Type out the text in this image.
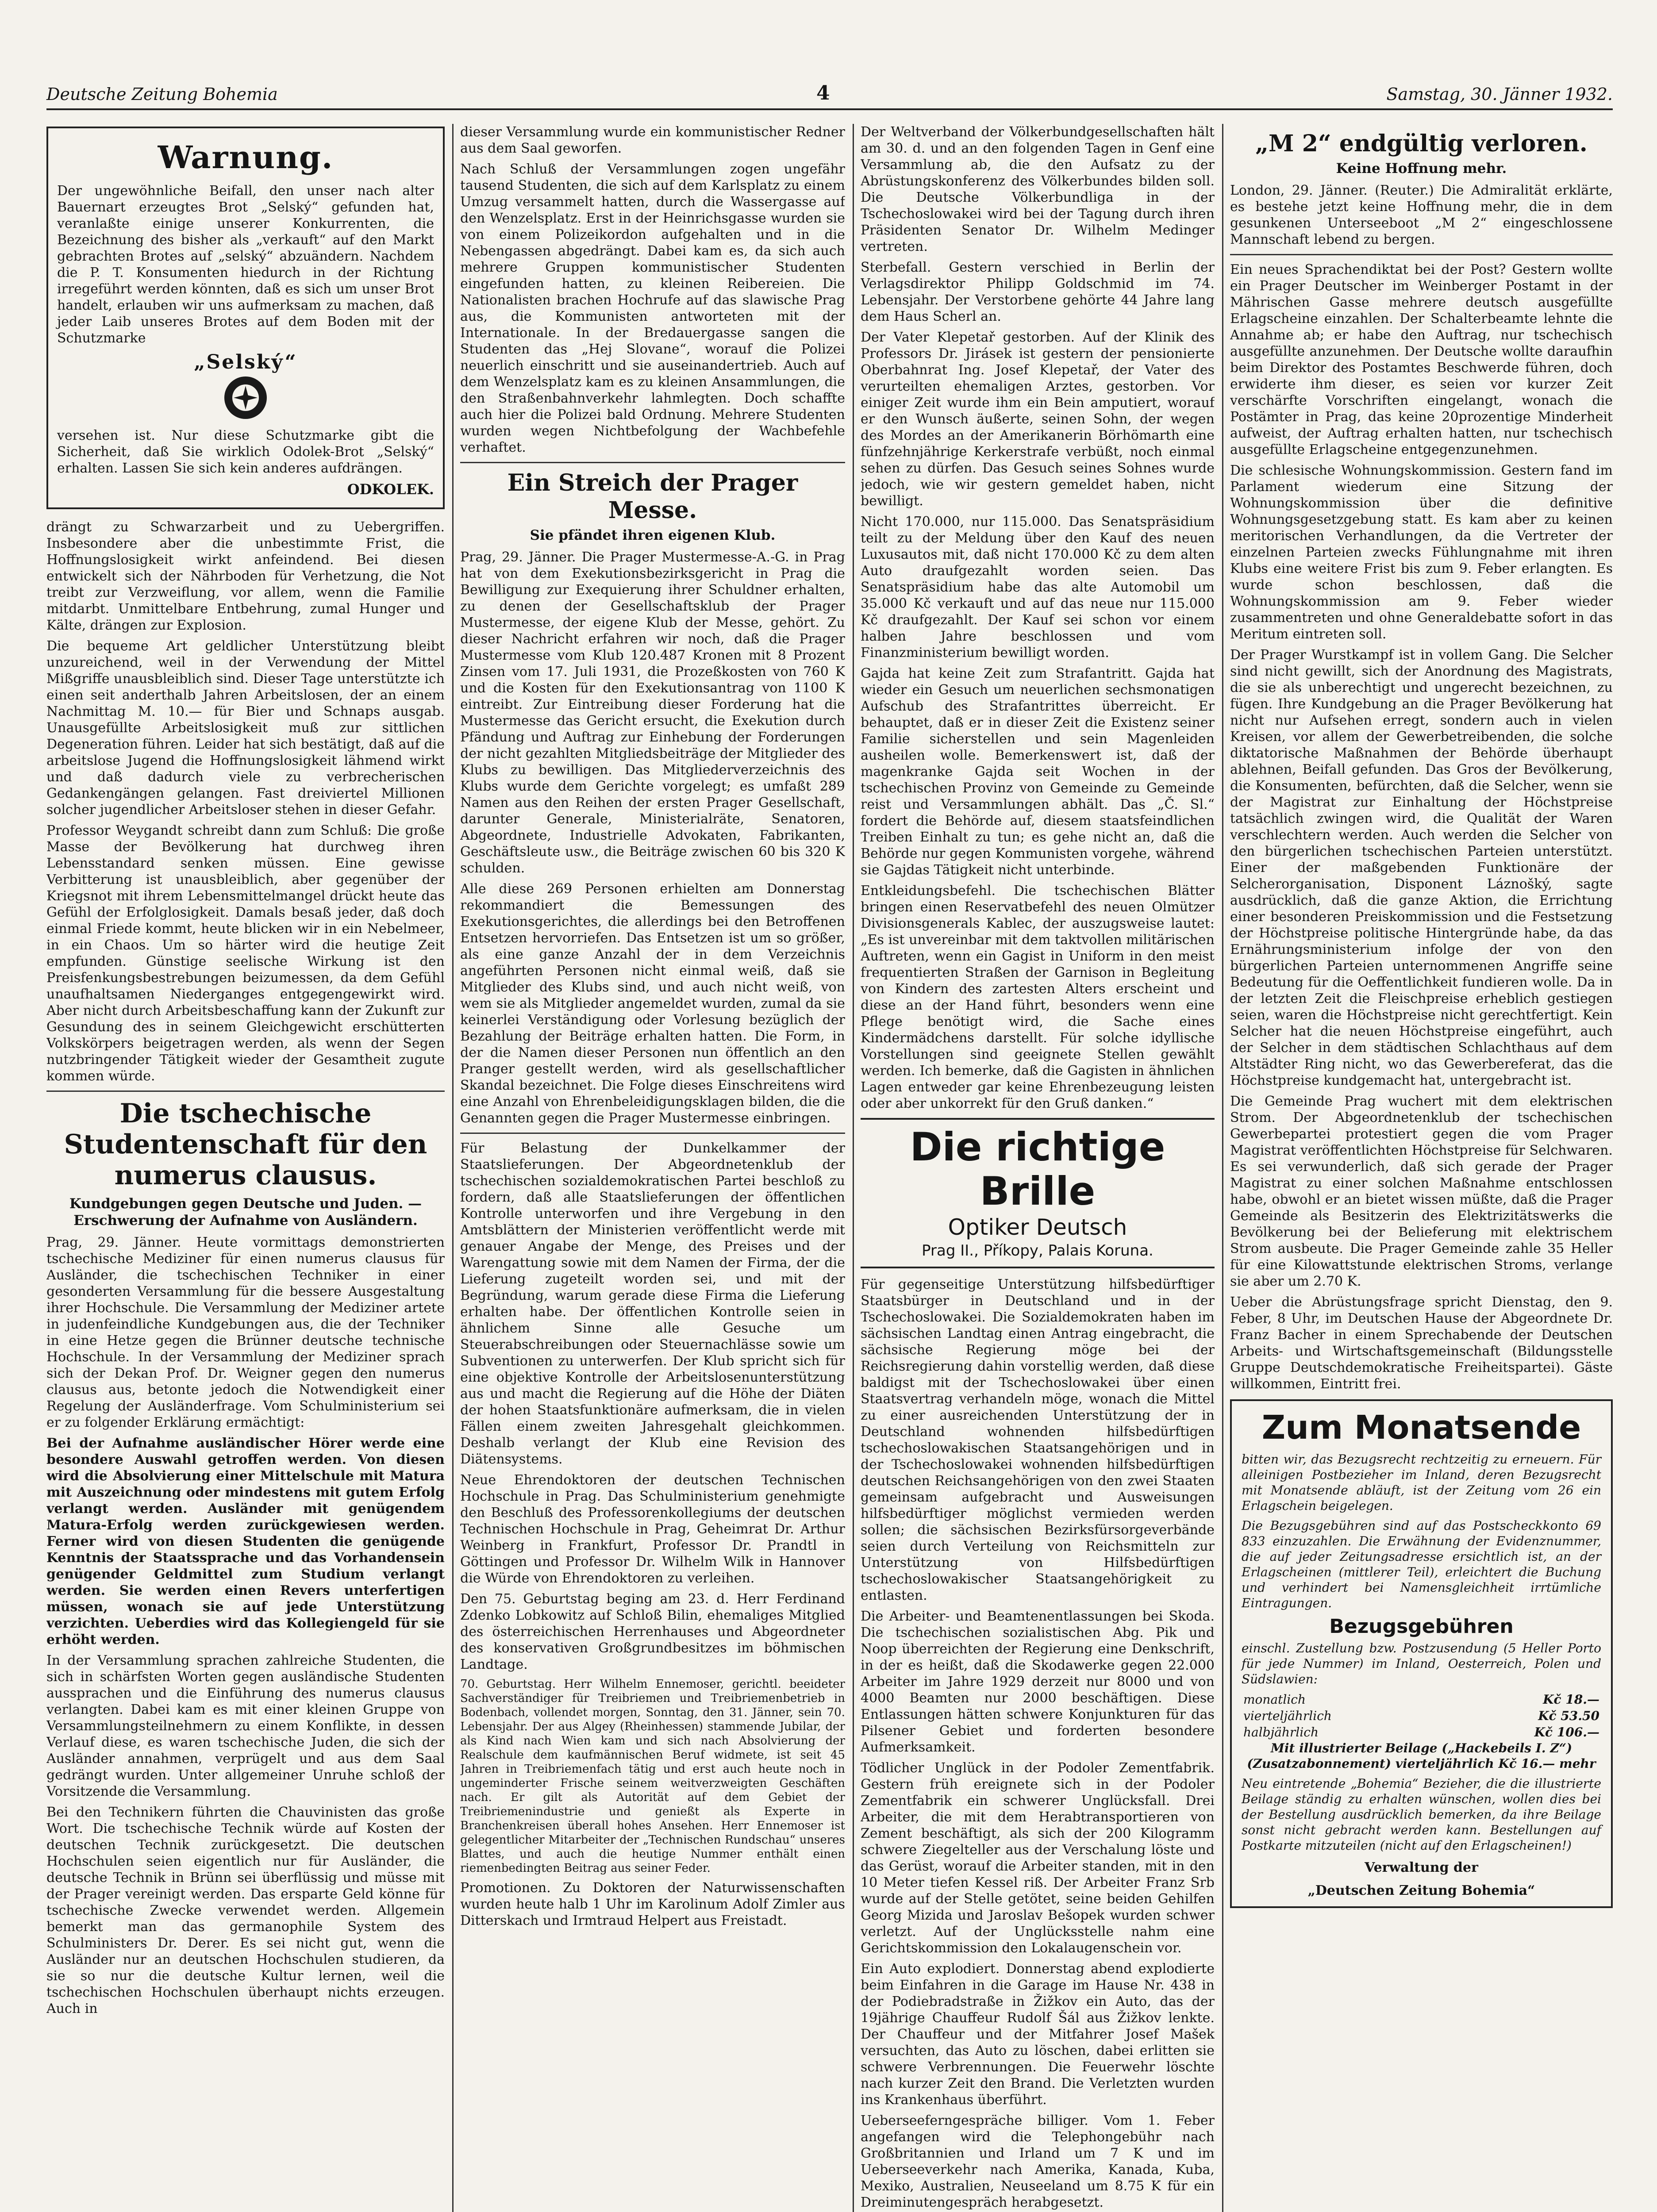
Deutsche Zeitung Bohemia	4	Samstag, 30. Jänner 1932.
Warnung.

Der ungewöhnliche Beifall, den unser nach alter Bauernart erzeugtes Brot „Selský“ gefunden hat, veranlaßte einige unserer Konkurrenten, die Bezeichnung des bisher als „verkauft“ auf den Markt gebrachten Brotes auf „selský“ abzuändern. Nachdem die P. T. Konsumenten hiedurch in der Richtung irregeführt werden könnten, daß es sich um unser Brot handelt, erlauben wir uns aufmerksam zu machen, daß jeder Laib unseres Brotes auf dem Boden mit der Schutzmarke

„Selský“

versehen ist. Nur diese Schutzmarke gibt die Sicherheit, daß Sie wirklich Odolek-Brot „Selský“ erhalten. Lassen Sie sich kein anderes aufdrängen.

ODKOLEK.

drängt zu Schwarzarbeit und zu Uebergriffen. Insbesondere aber die unbestimmte Frist, die Hoffnungslosigkeit wirkt anfeindend. Bei diesen entwickelt sich der Nährboden für Verhetzung, die Not treibt zur Verzweiflung, vor allem, wenn die Familie mitdarbt. Unmittelbare Entbehrung, zumal Hunger und Kälte, drängen zur Explosion.

Die bequeme Art geldlicher Unterstützung bleibt unzureichend, weil in der Verwendung der Mittel Mißgriffe unausbleiblich sind. Dieser Tage unterstützte ich einen seit anderthalb Jahren Arbeitslosen, der an einem Nachmittag M. 10.— für Bier und Schnaps ausgab. Unausgefüllte Arbeitslosigkeit muß zur sittlichen Degeneration führen. Leider hat sich bestätigt, daß auf die arbeitslose Jugend die Hoffnungslosigkeit lähmend wirkt und daß dadurch viele zu verbrecherischen Gedankengängen gelangen. Fast dreiviertel Millionen solcher jugendlicher Arbeitsloser stehen in dieser Gefahr.

Professor Weygandt schreibt dann zum Schluß: Die große Masse der Bevölkerung hat durchweg ihren Lebensstandard senken müssen. Eine gewisse Verbitterung ist unausbleiblich, aber gegenüber der Kriegsnot mit ihrem Lebensmittelmangel drückt heute das Gefühl der Erfolglosigkeit. Damals besaß jeder, daß doch einmal Friede kommt, heute blicken wir in ein Nebelmeer, in ein Chaos. Um so härter wird die heutige Zeit empfunden. Günstige seelische Wirkung ist den Preisfenkungsbestrebungen beizumessen, da dem Gefühl unaufhaltsamen Niederganges entgegengewirkt wird. Aber nicht durch Arbeitsbeschaffung kann der Zukunft zur Gesundung des in seinem Gleichgewicht erschütterten Volkskörpers beigetragen werden, als wenn der Segen nutzbringender Tätigkeit wieder der Gesamtheit zugute kommen würde.

Die tschechische Studentenschaft für den numerus clausus.
Kundgebungen gegen Deutsche und Juden. — Erschwerung der Aufnahme von Ausländern.

Prag, 29. Jänner. Heute vormittags demonstrierten tschechische Mediziner für einen numerus clausus für Ausländer, die tschechischen Techniker in einer gesonderten Versammlung für die bessere Ausgestaltung ihrer Hochschule. Die Versammlung der Mediziner artete in judenfeindliche Kundgebungen aus, die der Techniker in eine Hetze gegen die Brünner deutsche technische Hochschule. In der Versammlung der Mediziner sprach sich der Dekan Prof. Dr. Weigner gegen den numerus clausus aus, betonte jedoch die Notwendigkeit einer Regelung der Ausländerfrage. Vom Schulministerium sei er zu folgender Erklärung ermächtigt:

Bei der Aufnahme ausländischer Hörer werde eine besondere Auswahl getroffen werden. Von diesen wird die Absolvierung einer Mittelschule mit Matura mit Auszeichnung oder mindestens mit gutem Erfolg verlangt werden. Ausländer mit genügendem Matura-Erfolg werden zurückgewiesen werden. Ferner wird von diesen Studenten die genügende Kenntnis der Staatssprache und das Vorhandensein genügender Geldmittel zum Studium verlangt werden. Sie werden einen Revers unterfertigen müssen, wonach sie auf jede Unterstützung verzichten. Ueberdies wird das Kollegiengeld für sie erhöht werden.

In der Versammlung sprachen zahlreiche Studenten, die sich in schärfsten Worten gegen ausländische Studenten aussprachen und die Einführung des numerus clausus verlangten. Dabei kam es mit einer kleinen Gruppe von Versammlungsteilnehmern zu einem Konflikte, in dessen Verlauf diese, es waren tschechische Juden, die sich der Ausländer annahmen, verprügelt und aus dem Saal gedrängt wurden. Unter allgemeiner Unruhe schloß der Vorsitzende die Versammlung.

Bei den Technikern führten die Chauvinisten das große Wort. Die tschechische Technik würde auf Kosten der deutschen Technik zurückgesetzt. Die deutschen Hochschulen seien eigentlich nur für Ausländer, die deutsche Technik in Brünn sei überflüssig und müsse mit der Prager vereinigt werden. Das ersparte Geld könne für tschechische Zwecke verwendet werden. Allgemein bemerkt man das germanophile System des Schulministers Dr. Derer. Es sei nicht gut, wenn die Ausländer nur an deutschen Hochschulen studieren, da sie so nur die deutsche Kultur lernen, weil die tschechischen Hochschulen überhaupt nichts erzeugen. Auch in

dieser Versammlung wurde ein kommunistischer Redner aus dem Saal geworfen.

Nach Schluß der Versammlungen zogen ungefähr tausend Studenten, die sich auf dem Karlsplatz zu einem Umzug versammelt hatten, durch die Wassergasse auf den Wenzelsplatz. Erst in der Heinrichsgasse wurden sie von einem Polizeikordon aufgehalten und in die Nebengassen abgedrängt. Dabei kam es, da sich auch mehrere Gruppen kommunistischer Studenten eingefunden hatten, zu kleinen Reibereien. Die Nationalisten brachen Hochrufe auf das slawische Prag aus, die Kommunisten antworteten mit der Internationale. In der Bredauergasse sangen die Studenten das „Hej Slovane“, worauf die Polizei neuerlich einschritt und sie auseinandertrieb. Auch auf dem Wenzelsplatz kam es zu kleinen Ansammlungen, die den Straßenbahnverkehr lahmlegten. Doch schaffte auch hier die Polizei bald Ordnung. Mehrere Studenten wurden wegen Nichtbefolgung der Wachbefehle verhaftet.

Ein Streich der Prager Messe.
Sie pfändet ihren eigenen Klub.

Prag, 29. Jänner. Die Prager Mustermesse-A.-G. in Prag hat von dem Exekutionsbezirksgericht in Prag die Bewilligung zur Exequierung ihrer Schuldner erhalten, zu denen der Gesellschaftsklub der Prager Mustermesse, der eigene Klub der Messe, gehört. Zu dieser Nachricht erfahren wir noch, daß die Prager Mustermesse vom Klub 120.487 Kronen mit 8 Prozent Zinsen vom 17. Juli 1931, die Prozeßkosten von 760 K und die Kosten für den Exekutionsantrag von 1100 K eintreibt. Zur Eintreibung dieser Forderung hat die Mustermesse das Gericht ersucht, die Exekution durch Pfändung und Auftrag zur Einhebung der Forderungen der nicht gezahlten Mitgliedsbeiträge der Mitglieder des Klubs zu bewilligen. Das Mitgliederverzeichnis des Klubs wurde dem Gerichte vorgelegt; es umfaßt 289 Namen aus den Reihen der ersten Prager Gesellschaft, darunter Generale, Ministerialräte, Senatoren, Abgeordnete, Industrielle Advokaten, Fabrikanten, Geschäftsleute usw., die Beiträge zwischen 60 bis 320 K schulden.

Alle diese 269 Personen erhielten am Donnerstag rekommandiert die Bemessungen des Exekutionsgerichtes, die allerdings bei den Betroffenen Entsetzen hervorriefen. Das Entsetzen ist um so größer, als eine ganze Anzahl der in dem Verzeichnis angeführten Personen nicht einmal weiß, daß sie Mitglieder des Klubs sind, und auch nicht weiß, von wem sie als Mitglieder angemeldet wurden, zumal da sie keinerlei Verständigung oder Vorlesung bezüglich der Bezahlung der Beiträge erhalten hatten. Die Form, in der die Namen dieser Personen nun öffentlich an den Pranger gestellt werden, wird als gesellschaftlicher Skandal bezeichnet. Die Folge dieses Einschreitens wird eine Anzahl von Ehrenbeleidigungsklagen bilden, die die Genannten gegen die Prager Mustermesse einbringen.

Für Belastung der Dunkelkammer der Staatslieferungen. Der Abgeordnetenklub der tschechischen sozialdemokratischen Partei beschloß zu fordern, daß alle Staatslieferungen der öffentlichen Kontrolle unterworfen und ihre Vergebung in den Amtsblättern der Ministerien veröffentlicht werde mit genauer Angabe der Menge, des Preises und der Warengattung sowie mit dem Namen der Firma, der die Lieferung zugeteilt worden sei, und mit der Begründung, warum gerade diese Firma die Lieferung erhalten habe. Der öffentlichen Kontrolle seien in ähnlichem Sinne alle Gesuche um Steuerabschreibungen oder Steuernachlässe sowie um Subventionen zu unterwerfen. Der Klub spricht sich für eine objektive Kontrolle der Arbeitslosenunterstützung aus und macht die Regierung auf die Höhe der Diäten der hohen Staatsfunktionäre aufmerksam, die in vielen Fällen einem zweiten Jahresgehalt gleichkommen. Deshalb verlangt der Klub eine Revision des Diätensystems.

Neue Ehrendoktoren der deutschen Technischen Hochschule in Prag. Das Schulministerium genehmigte den Beschluß des Professorenkollegiums der deutschen Technischen Hochschule in Prag, Geheimrat Dr. Arthur Weinberg in Frankfurt, Professor Dr. Prandtl in Göttingen und Professor Dr. Wilhelm Wilk in Hannover die Würde von Ehrendoktoren zu verleihen.

Den 75. Geburtstag beging am 23. d. Herr Ferdinand Zdenko Lobkowitz auf Schloß Bilin, ehemaliges Mitglied des österreichischen Herrenhauses und Abgeordneter des konservativen Großgrundbesitzes im böhmischen Landtage.

70. Geburtstag. Herr Wilhelm Ennemoser, gerichtl. beeideter Sachverständiger für Treibriemen und Treibriemenbetrieb in Bodenbach, vollendet morgen, Sonntag, den 31. Jänner, sein 70. Lebensjahr. Der aus Algey (Rheinhessen) stammende Jubilar, der als Kind nach Wien kam und sich nach Absolvierung der Realschule dem kaufmännischen Beruf widmete, ist seit 45 Jahren in Treibriemenfach tätig und erst auch heute noch in ungeminderter Frische seinem weitverzweigten Geschäften nach. Er gilt als Autorität auf dem Gebiet der Treibriemenindustrie und genießt als Experte in Branchenkreisen überall hohes Ansehen. Herr Ennemoser ist gelegentlicher Mitarbeiter der „Technischen Rundschau“ unseres Blattes, und auch die heutige Nummer enthält einen riemenbedingten Beitrag aus seiner Feder.

Promotionen. Zu Doktoren der Naturwissenschaften wurden heute halb 1 Uhr im Karolinum Adolf Zimler aus Ditterskach und Irmtraud Helpert aus Freistadt.

Der Weltverband der Völkerbundgesellschaften hält am 30. d. und an den folgenden Tagen in Genf eine Versammlung ab, die den Aufsatz zu der Abrüstungskonferenz des Völkerbundes bilden soll. Die Deutsche Völkerbundliga in der Tschechoslowakei wird bei der Tagung durch ihren Präsidenten Senator Dr. Wilhelm Medinger vertreten.

Sterbefall. Gestern verschied in Berlin der Verlagsdirektor Philipp Goldschmid im 74. Lebensjahr. Der Verstorbene gehörte 44 Jahre lang dem Haus Scherl an.

Der Vater Klepetař gestorben. Auf der Klinik des Professors Dr. Jirásek ist gestern der pensionierte Oberbahnrat Ing. Josef Klepetař, der Vater des verurteilten ehemaligen Arztes, gestorben. Vor einiger Zeit wurde ihm ein Bein amputiert, worauf er den Wunsch äußerte, seinen Sohn, der wegen des Mordes an der Amerikanerin Börhömarth eine fünfzehnjährige Kerkerstrafe verbüßt, noch einmal sehen zu dürfen. Das Gesuch seines Sohnes wurde jedoch, wie wir gestern gemeldet haben, nicht bewilligt.

Nicht 170.000, nur 115.000. Das Senatspräsidium teilt zu der Meldung über den Kauf des neuen Luxusautos mit, daß nicht 170.000 Kč zu dem alten Auto draufgezahlt worden seien. Das Senatspräsidium habe das alte Automobil um 35.000 Kč verkauft und auf das neue nur 115.000 Kč draufgezahlt. Der Kauf sei schon vor einem halben Jahre beschlossen und vom Finanzministerium bewilligt worden.

Gajda hat keine Zeit zum Strafantritt. Gajda hat wieder ein Gesuch um neuerlichen sechsmonatigen Aufschub des Strafantrittes überreicht. Er behauptet, daß er in dieser Zeit die Existenz seiner Familie sicherstellen und sein Magenleiden ausheilen wolle. Bemerkenswert ist, daß der magenkranke Gajda seit Wochen in der tschechischen Provinz von Gemeinde zu Gemeinde reist und Versammlungen abhält. Das „Č. Sl.“ fordert die Behörde auf, diesem staatsfeindlichen Treiben Einhalt zu tun; es gehe nicht an, daß die Behörde nur gegen Kommunisten vorgehe, während sie Gajdas Tätigkeit nicht unterbinde.

Entkleidungsbefehl. Die tschechischen Blätter bringen einen Reservatbefehl des neuen Olmützer Divisionsgenerals Kablec, der auszugsweise lautet: „Es ist unvereinbar mit dem taktvollen militärischen Auftreten, wenn ein Gagist in Uniform in den meist frequentierten Straßen der Garnison in Begleitung von Kindern des zartesten Alters erscheint und diese an der Hand führt, besonders wenn eine Pflege benötigt wird, die Sache eines Kindermädchens darstellt. Für solche idyllische Vorstellungen sind geeignete Stellen gewählt werden. Ich bemerke, daß die Gagisten in ähnlichen Lagen entweder gar keine Ehrenbezeugung leisten oder aber unkorrekt für den Gruß danken.“

Die richtige Brille
Optiker Deutsch
Prag II., Příkopy, Palais Koruna.

Für gegenseitige Unterstützung hilfsbedürftiger Staatsbürger in Deutschland und in der Tschechoslowakei. Die Sozialdemokraten haben im sächsischen Landtag einen Antrag eingebracht, die sächsische Regierung möge bei der Reichsregierung dahin vorstellig werden, daß diese baldigst mit der Tschechoslowakei über einen Staatsvertrag verhandeln möge, wonach die Mittel zu einer ausreichenden Unterstützung der in Deutschland wohnenden hilfsbedürftigen tschechoslowakischen Staatsangehörigen und in der Tschechoslowakei wohnenden hilfsbedürftigen deutschen Reichsangehörigen von den zwei Staaten gemeinsam aufgebracht und Ausweisungen hilfsbedürftiger möglichst vermieden werden sollen; die sächsischen Bezirksfürsorgeverbände seien durch Verteilung von Reichsmitteln zur Unterstützung von Hilfsbedürftigen tschechoslowakischer Staatsangehörigkeit zu entlasten.

Die Arbeiter- und Beamtenentlassungen bei Skoda. Die tschechischen sozialistischen Abg. Pik und Noop überreichten der Regierung eine Denkschrift, in der es heißt, daß die Skodawerke gegen 22.000 Arbeiter im Jahre 1929 derzeit nur 8000 und von 4000 Beamten nur 2000 beschäftigen. Diese Entlassungen hätten schwere Konjunkturen für das Pilsener Gebiet und forderten besondere Aufmerksamkeit.

Tödlicher Unglück in der Podoler Zementfabrik. Gestern früh ereignete sich in der Podoler Zementfabrik ein schwerer Unglücksfall. Drei Arbeiter, die mit dem Herabtransportieren von Zement beschäftigt, als sich der 200 Kilogramm schwere Ziegelteller aus der Verschalung löste und das Gerüst, worauf die Arbeiter standen, mit in den 10 Meter tiefen Kessel riß. Der Arbeiter Franz Srb wurde auf der Stelle getötet, seine beiden Gehilfen Georg Mizida und Jaroslav Bešopek wurden schwer verletzt. Auf der Unglücksstelle nahm eine Gerichtskommission den Lokalaugenschein vor.

Ein Auto explodiert. Donnerstag abend explodierte beim Einfahren in die Garage im Hause Nr. 438 in der Podiebradstraße in Žižkov ein Auto, das der 19jährige Chauffeur Rudolf Šál aus Žižkov lenkte. Der Chauffeur und der Mitfahrer Josef Mašek versuchten, das Auto zu löschen, dabei erlitten sie schwere Verbrennungen. Die Feuerwehr löschte nach kurzer Zeit den Brand. Die Verletzten wurden ins Krankenhaus überführt.

Ueberseeferngespräche billiger. Vom 1. Feber angefangen wird die Telephongebühr nach Großbritannien und Irland um 7 K und im Ueberseeverkehr nach Amerika, Kanada, Kuba, Mexiko, Australien, Neuseeland um 8.75 K für ein Dreiminutengespräch herabgesetzt.

„M 2“ endgültig verloren.
Keine Hoffnung mehr.

London, 29. Jänner. (Reuter.) Die Admiralität erklärte, es bestehe jetzt keine Hoffnung mehr, die in dem gesunkenen Unterseeboot „M 2“ eingeschlossene Mannschaft lebend zu bergen.

Ein neues Sprachendiktat bei der Post? Gestern wollte ein Prager Deutscher im Weinberger Postamt in der Mährischen Gasse mehrere deutsch ausgefüllte Erlagscheine einzahlen. Der Schalterbeamte lehnte die Annahme ab; er habe den Auftrag, nur tschechisch ausgefüllte anzunehmen. Der Deutsche wollte daraufhin beim Direktor des Postamtes Beschwerde führen, doch erwiderte ihm dieser, es seien vor kurzer Zeit verschärfte Vorschriften eingelangt, wonach die Postämter in Prag, das keine 20prozentige Minderheit aufweist, der Auftrag erhalten hatten, nur tschechisch ausgefüllte Erlagscheine entgegenzunehmen.

Die schlesische Wohnungskommission. Gestern fand im Parlament wiederum eine Sitzung der Wohnungskommission über die definitive Wohnungsgesetzgebung statt. Es kam aber zu keinen meritorischen Verhandlungen, da die Vertreter der einzelnen Parteien zwecks Fühlungnahme mit ihren Klubs eine weitere Frist bis zum 9. Feber erlangten. Es wurde schon beschlossen, daß die Wohnungskommission am 9. Feber wieder zusammentreten und ohne Generaldebatte sofort in das Meritum eintreten soll.

Der Prager Wurstkampf ist in vollem Gang. Die Selcher sind nicht gewillt, sich der Anordnung des Magistrats, die sie als unberechtigt und ungerecht bezeichnen, zu fügen. Ihre Kundgebung an die Prager Bevölkerung hat nicht nur Aufsehen erregt, sondern auch in vielen Kreisen, vor allem der Gewerbetreibenden, die solche diktatorische Maßnahmen der Behörde überhaupt ablehnen, Beifall gefunden. Das Gros der Bevölkerung, die Konsumenten, befürchten, daß die Selcher, wenn sie der Magistrat zur Einhaltung der Höchstpreise tatsächlich zwingen wird, die Qualität der Waren verschlechtern werden. Auch werden die Selcher von den bürgerlichen tschechischen Parteien unterstützt. Einer der maßgebenden Funktionäre der Selcherorganisation, Disponent Láznošký, sagte ausdrücklich, daß die ganze Aktion, die Errichtung einer besonderen Preiskommission und die Festsetzung der Höchstpreise politische Hintergründe habe, da das Ernährungsministerium infolge der von den bürgerlichen Parteien unternommenen Angriffe seine Bedeutung für die Oeffentlichkeit fundieren wolle. Da in der letzten Zeit die Fleischpreise erheblich gestiegen seien, waren die Höchstpreise nicht gerechtfertigt. Kein Selcher hat die neuen Höchstpreise eingeführt, auch der Selcher in dem städtischen Schlachthaus auf dem Altstädter Ring nicht, wo das Gewerbereferat, das die Höchstpreise kundgemacht hat, untergebracht ist.

Die Gemeinde Prag wuchert mit dem elektrischen Strom. Der Abgeordnetenklub der tschechischen Gewerbepartei protestiert gegen die vom Prager Magistrat veröffentlichten Höchstpreise für Selchwaren. Es sei verwunderlich, daß sich gerade der Prager Magistrat zu einer solchen Maßnahme entschlossen habe, obwohl er an bietet wissen müßte, daß die Prager Gemeinde als Besitzerin des Elektrizitätswerks die Bevölkerung bei der Belieferung mit elektrischem Strom ausbeute. Die Prager Gemeinde zahle 35 Heller für eine Kilowattstunde elektrischen Stroms, verlange sie aber um 2.70 K.

Ueber die Abrüstungsfrage spricht Dienstag, den 9. Feber, 8 Uhr, im Deutschen Hause der Abgeordnete Dr. Franz Bacher in einem Sprechabende der Deutschen Arbeits- und Wirtschaftsgemeinschaft (Bildungsstelle Gruppe Deutschdemokratische Freiheitspartei). Gäste willkommen, Eintritt frei.

Zum Monatsende

bitten wir, das Bezugsrecht rechtzeitig zu erneuern. Für alleinigen Postbezieher im Inland, deren Bezugsrecht mit Monatsende abläuft, ist der Zeitung vom 26 ein Erlagschein beigelegen.

Die Bezugsgebühren sind auf das Postscheckkonto 69 833 einzuzahlen. Die Erwähnung der Evidenznummer, die auf jeder Zeitungsadresse ersichtlich ist, an der Erlagscheinen (mittlerer Teil), erleichtert die Buchung und verhindert bei Namensgleichheit irrtümliche Eintragungen.

Bezugsgebühren

einschl. Zustellung bzw. Postzusendung (5 Heller Porto für jede Nummer) im Inland, Oesterreich, Polen und Südslawien:

monatlich	Kč 18.—
vierteljährlich	Kč 53.50
halbjährlich	Kč 106.—

Mit illustrierter Beilage („Hackebeils I. Z“) (Zusatzabonnement) vierteljährlich Kč 16.— mehr

Neu eintretende „Bohemia“ Bezieher, die die illustrierte Beilage ständig zu erhalten wünschen, wollen dies bei der Bestellung ausdrücklich bemerken, da ihre Beilage sonst nicht gebracht werden kann. Bestellungen auf Postkarte mitzuteilen (nicht auf den Erlagscheinen!)

Verwaltung der
„Deutschen Zeitung Bohemia“
